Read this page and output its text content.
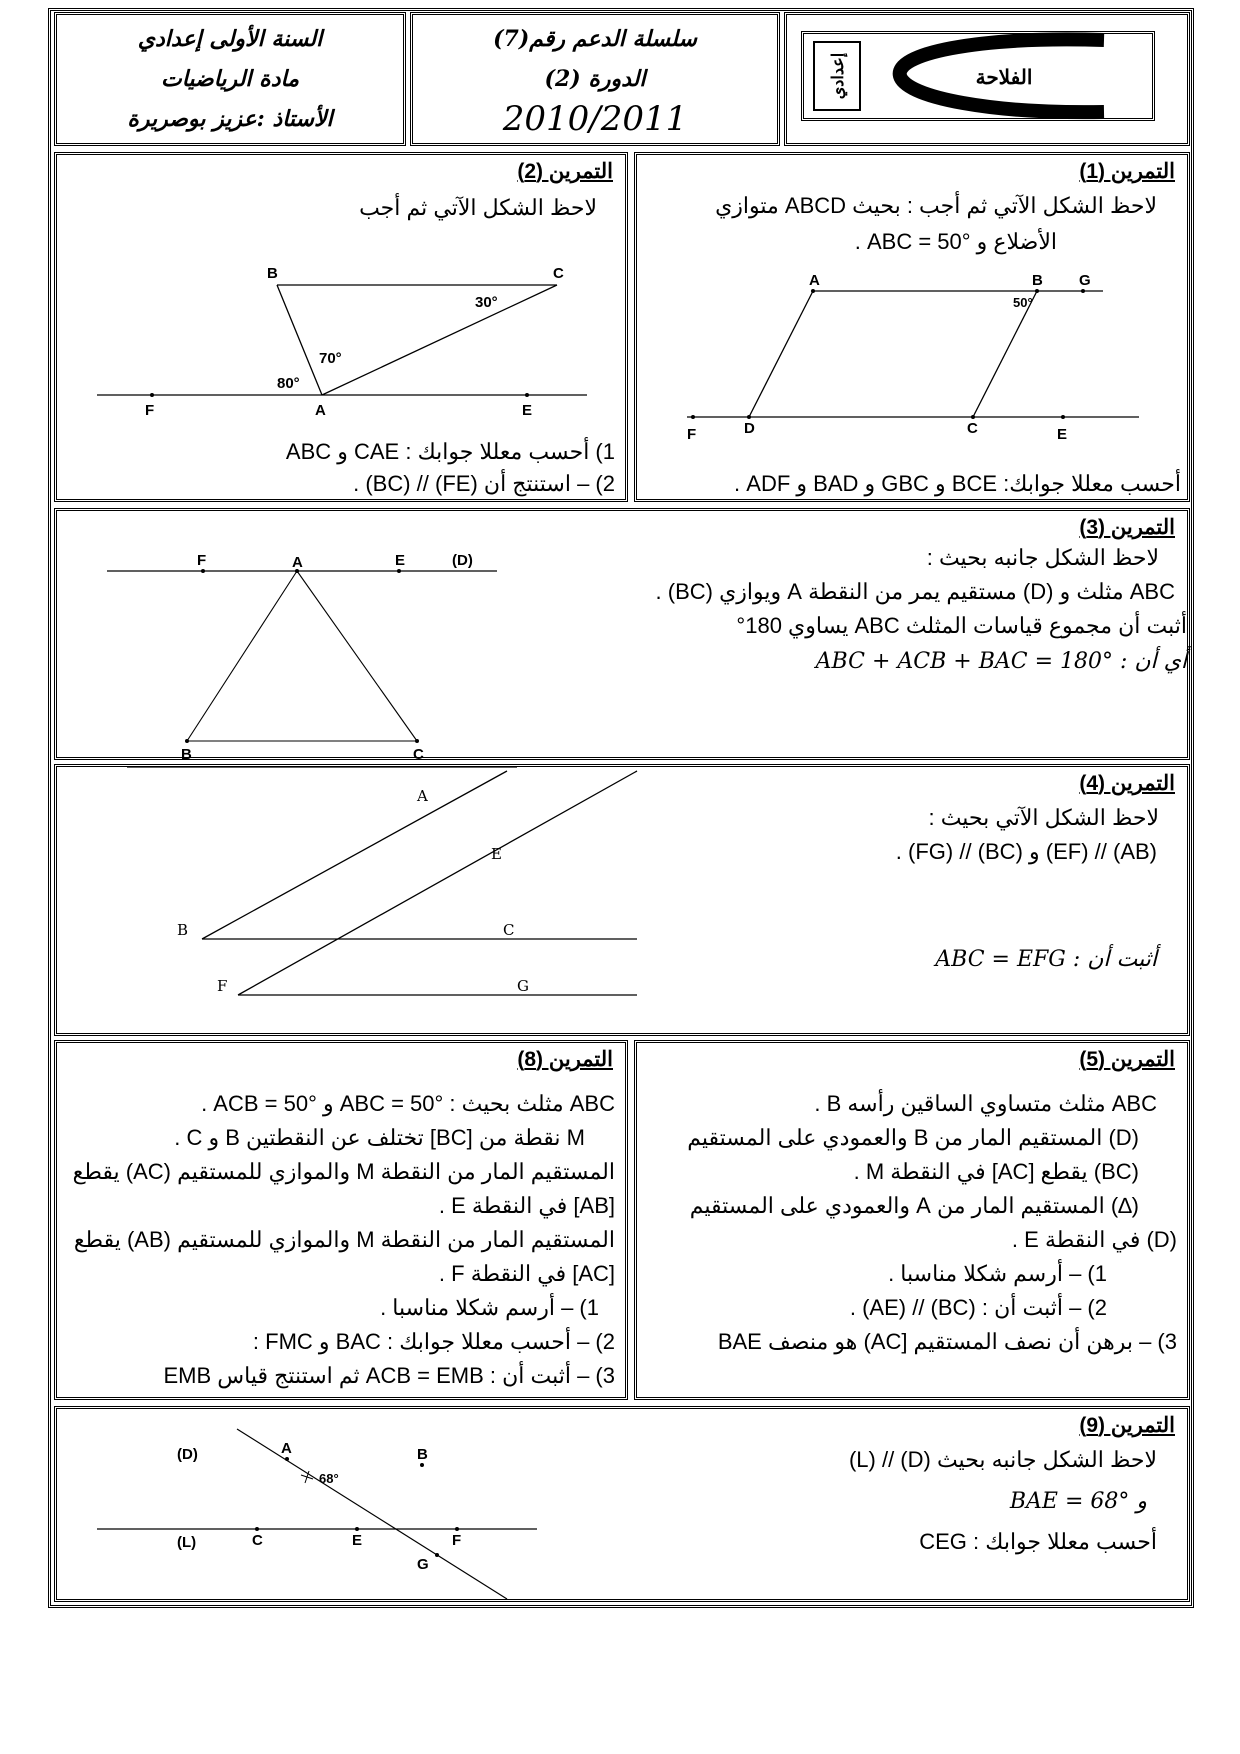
السنة الأولى إعدادي
مادة الرياضيات
الأستاذ :عزيز بوصريرة
سلسلة الدعم رقم(7)
الدورة (2)
2010/2011
إعدادي	الفلاحة
التمرين (2)
لاحظ الشكل الآتي ثم أجب
B	C
F	A	E
30°
70°
80°
1) أحسب معللا جوابك : CAE و ABC
2) – استنتج أن (FE) // (BC) .
التمرين (1)
لاحظ الشكل الآتي ثم أجب : بحيث ABCD متوازي
الأضلاع و ABC = 50° .
A	B G
50°
F	D	C	E
أحسب معللا جوابك: BCE و GBC و BAD و ADF .
التمرين (3)
لاحظ الشكل جانبه بحيث :
ABC مثلث و (D) مستقيم يمر من النقطة A ويوازي (BC) .
أثبت أن مجموع قياسات المثلث ABC يساوي 180°
أي أن : ABC + ACB + BAC = 180°
F	A	E	(D)
B	C
التمرين (4)
لاحظ الشكل الآتي بحيث :
(AB) // (EF) و (BC) // (FG) .
أثبت أن : ABC = EFG
A
E
B	C
F	G
التمرين (8)
ABC مثلث بحيث : ABC = 50° و ACB = 50° .
M نقطة من [BC] تختلف عن النقطتين B و C .
المستقيم المار من النقطة M والموازي للمستقيم (AC) يقطع
[AB] في النقطة E .
المستقيم المار من النقطة M والموازي للمستقيم (AB) يقطع
[AC] في النقطة F .
1) – أرسم شكلا مناسبا .
2) – أحسب معللا جوابك : BAC و FMC :
3) – أثبت أن : ACB = EMB ثم استنتج قياس EMB
التمرين (5)
ABC مثلث متساوي الساقين رأسه B .
(D) المستقيم المار من B والعمودي على المستقيم
(BC) يقطع [AC] في النقطة M .
(∆) المستقيم المار من A والعمودي على المستقيم
(D) في النقطة E .
1) – أرسم شكلا مناسبا .
2) – أثبت أن : (BC) // (AE) .
3) – برهن أن نصف المستقيم [AC) هو منصف BAE
التمرين (9)
لاحظ الشكل جانبه بحيث (D) // (L)
و BAE = 68°
أحسب معللا جوابك : CEG
(D)	A	B
68°
(L)	C	E	F
G
